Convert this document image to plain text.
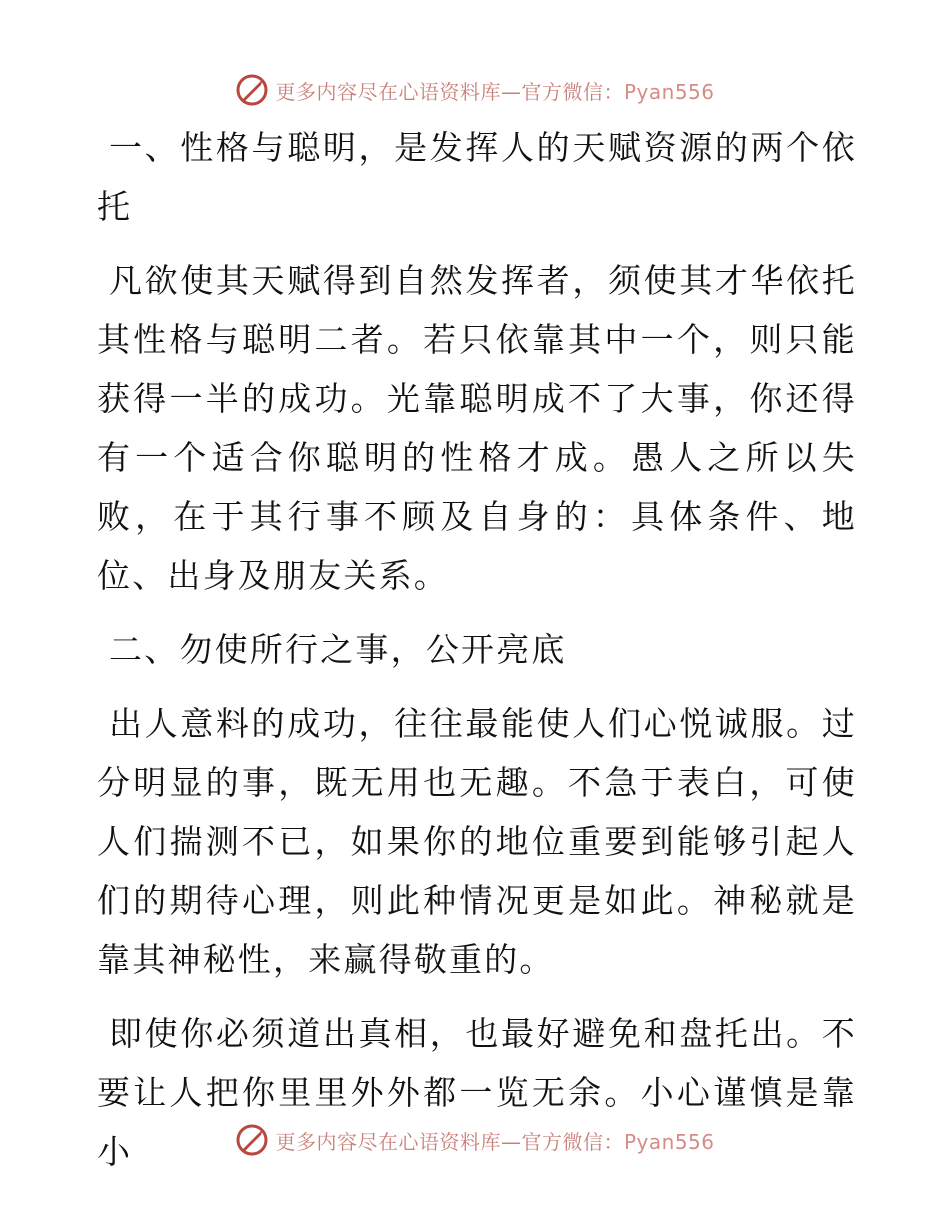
更多内容尽在心语资料库—官方微信：Pyan556

一、性格与聪明，是发挥人的天赋资源的两个依托

凡欲使其天赋得到自然发挥者，须使其才华依托其性格与聪明二者。若只依靠其中一个，则只能获得一半的成功。光靠聪明成不了大事，你还得有一个适合你聪明的性格才成。愚人之所以失败，在于其行事不顾及自身的：具体条件、地位、出身及朋友关系。

二、勿使所行之事，公开亮底

出人意料的成功，往往最能使人们心悦诚服。过分明显的事，既无用也无趣。不急于表白，可使人们揣测不已，如果你的地位重要到能够引起人们的期待心理，则此种情况更是如此。神秘就是靠其神秘性，来赢得敬重的。

即使你必须道出真相，也最好避免和盘托出。不要让人把你里里外外都一览无余。小心谨慎是靠小	更多内容尽在心语资料库—官方微信：Pyan556
